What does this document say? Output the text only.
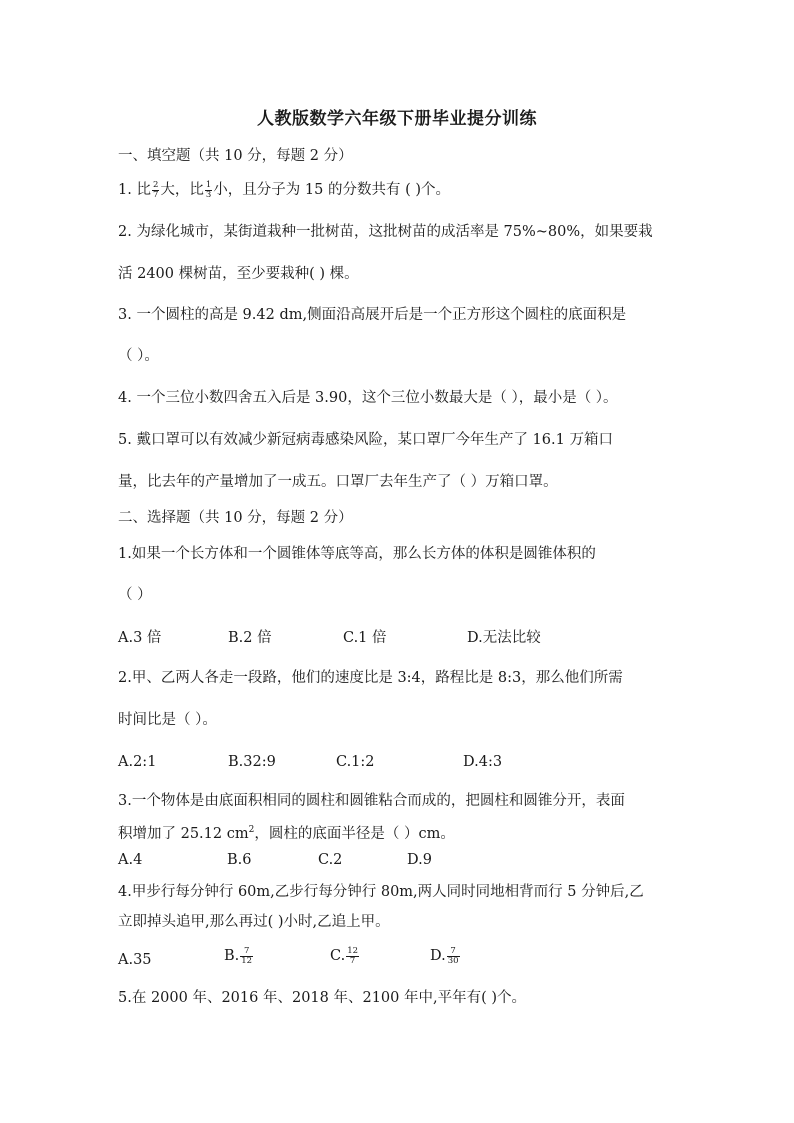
人教版数学六年级下册毕业提分训练
一、填空题（共 10 分，每题 2 分）
1. 比 $\frac{2}{7}$ 大，比 $\frac{1}{3}$ 小，且分子为 15 的分数共有 ( )个。
2. 为绿化城市，某街道栽种一批树苗，这批树苗的成活率是 75%~80%，如果要栽
活 2400 棵树苗，至少要栽种( ) 棵。
3. 一个圆柱的高是 9.42 dm,侧面沿高展开后是一个正方形这个圆柱的底面积是
（ ）。
4. 一个三位小数四舍五入后是 3.90，这个三位小数最大是（ ），最小是（ ）。
5. 戴口罩可以有效减少新冠病毒感染风险，某口罩厂今年生产了 16.1 万箱口
量，比去年的产量增加了一成五。口罩厂去年生产了（ ）万箱口罩。
二、选择题（共 10 分，每题 2 分）
1.如果一个长方体和一个圆锥体等底等高，那么长方体的体积是圆锥体积的
（ ）
A.3 倍	B.2 倍	C.1 倍	D.无法比较
2.甲、乙两人各走一段路，他们的速度比是 3:4，路程比是 8:3，那么他们所需
时间比是（ ）。
A.2:1	B.32:9	C.1:2	D.4:3
3.一个物体是由底面积相同的圆柱和圆锥粘合而成的，把圆柱和圆锥分开，表面
积增加了 25.12 $cm^2$，圆柱的底面半径是（ ）cm。
A.4	B.6	C.2	D.9
4.甲步行每分钟行 60m,乙步行每分钟行 80m,两人同时同地相背而行 5 分钟后,乙
立即掉头追甲,那么再过( )小时,乙追上甲。
A.35	B. $\frac{7}{12}$	C. $\frac{12}{7}$	D. $\frac{7}{30}$
5.在 2000 年、2016 年、2018 年、2100 年中,平年有( )个。
